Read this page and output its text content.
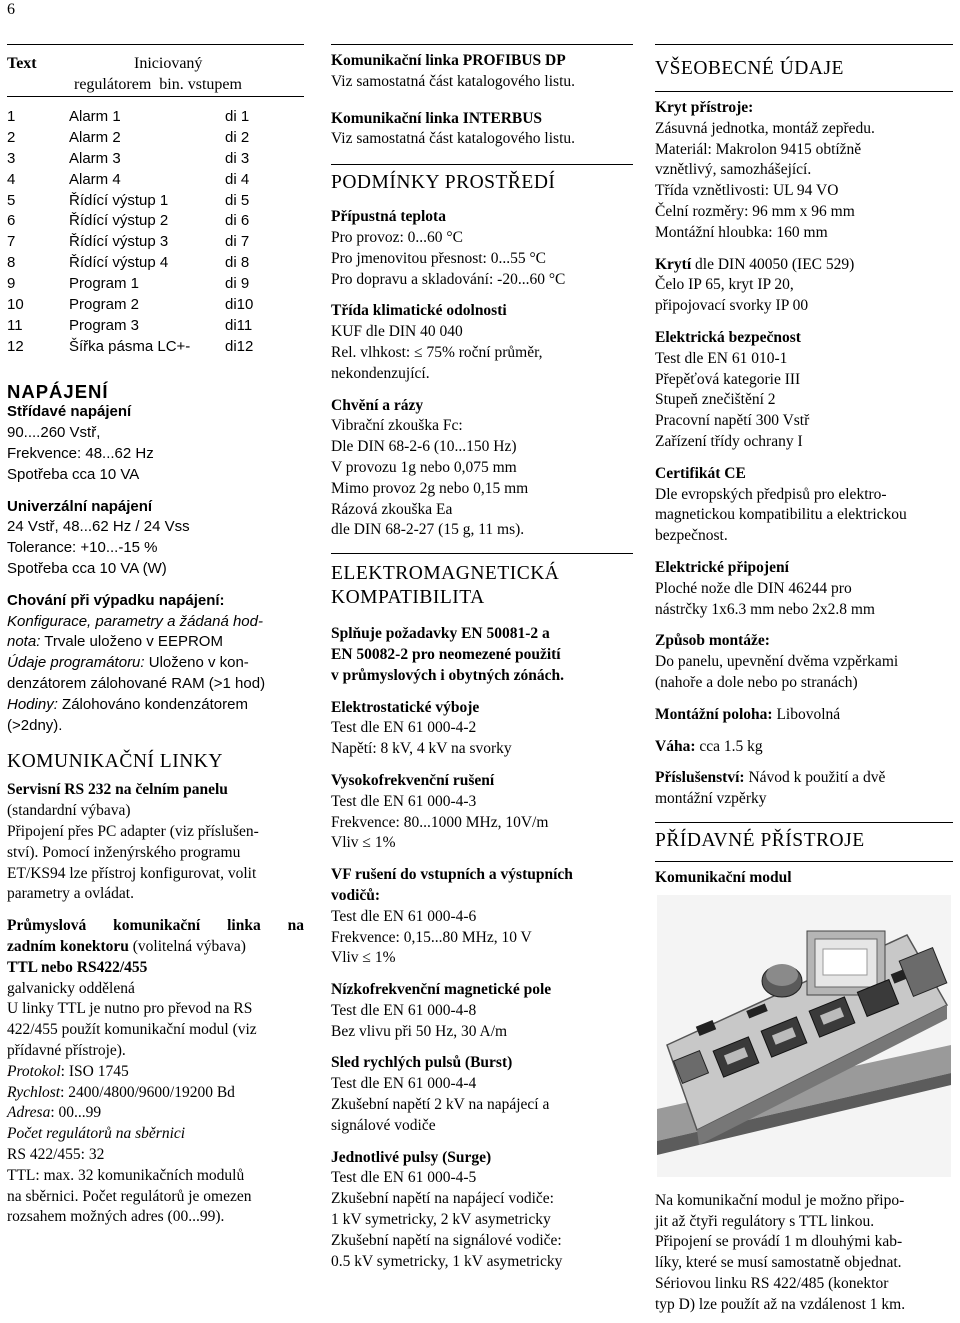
6
Text	Iniciovaný
regulátorem  bin. vstupem
1	Alarm 1	di 1
2	Alarm 2	di 2
3	Alarm 3	di 3
4	Alarm 4	di 4
5	Řídící výstup 1	di 5
6	Řídící výstup 2	di 6
7	Řídící výstup 3	di 7
8	Řídící výstup 4	di 8
9	Program 1	di 9
10	Program 2	di10
11	Program 3	di11
12	Šířka pásma LC+-	di12
NAPÁJENÍ

Střídavé napájení

90....260 Vstř,

Frekvence: 48...62 Hz

Spotřeba cca 10 VA

Univerzální napájení

24 Vstř, 48...62 Hz / 24 Vss

Tolerance: +10...-15 %

Spotřeba cca 10 VA (W)

Chování při výpadku napájení:

Konfigurace, parametry a žádaná hod-

nota: Trvale uloženo v EEPROM

Údaje programátoru: Uloženo v kon-

denzátorem zálohované RAM (>1 hod)

Hodiny: Zálohováno kondenzátorem

(>2dny).

KOMUNIKAČNÍ LINKY

Servisní RS 232 na čelním panelu

(standardní výbava)

Připojení přes PC adapter (viz příslušen-

ství). Pomocí inženýrského programu

ET/KS94 lze přístroj konfigurovat, volit

parametry a ovládat.

Průmyslová komunikační linka na

zadním konektoru (volitelná výbava)

TTL nebo RS422/455

galvanicky oddělená

U linky TTL je nutno pro převod na RS

422/455 použít komunikační modul (viz

přídavné přístroje).

Protokol: ISO 1745

Rychlost: 2400/4800/9600/19200 Bd

Adresa: 00...99

Počet regulátorů na sběrnici

RS 422/455: 32

TTL: max. 32 komunikačních modulů

na sběrnici. Počet regulátorů je omezen

rozsahem možných adres (00...99).

Komunikační linka PROFIBUS DP

Viz samostatná část katalogového listu.

Komunikační linka INTERBUS

Viz samostatná část katalogového listu.

PODMÍNKY PROSTŘEDÍ

Přípustná teplota

Pro provoz: 0...60 °C

Pro jmenovitou přesnost: 0...55 °C

Pro dopravu a skladování: -20...60 °C

Třída klimatické odolnosti

KUF dle DIN 40 040

Rel. vlhkost: ≤ 75% roční průměr,

nekondenzující.

Chvění a rázy

Vibrační zkouška Fc:

Dle DIN 68-2-6 (10...150 Hz)

V provozu 1g nebo 0,075 mm

Mimo provoz 2g nebo 0,15 mm

Rázová zkouška Ea

dle DIN 68-2-27 (15 g, 11 ms).

ELEKTROMAGNETICKÁ
KOMPATIBILITA

Splňuje požadavky EN 50081-2 a

EN 50082-2 pro neomezené použití

v průmyslových i obytných zónách.

Elektrostatické výboje

Test dle EN 61 000-4-2

Napětí: 8 kV, 4 kV na svorky

Vysokofrekvenční rušení

Test dle EN 61 000-4-3

Frekvence: 80...1000 MHz, 10V/m

Vliv ≤ 1%

VF rušení do vstupních a výstupních

vodičů:

Test dle EN 61 000-4-6

Frekvence: 0,15...80 MHz, 10 V

Vliv ≤ 1%

Nízkofrekvenční magnetické pole

Test dle EN 61 000-4-8

Bez vlivu při 50 Hz, 30 A/m

Sled rychlých pulsů (Burst)

Test dle EN 61 000-4-4

Zkušební napětí 2 kV na napájecí a

signálové vodiče

Jednotlivé pulsy (Surge)

Test dle EN 61 000-4-5

Zkušební napětí na napájecí vodiče:

1 kV symetricky, 2 kV asymetricky

Zkušební napětí na signálové vodiče:

0.5 kV symetricky, 1 kV asymetricky

VŠEOBECNÉ ÚDAJE

Kryt přístroje:

Zásuvná jednotka, montáž zepředu.

Materiál: Makrolon 9415 obtížně

vznětlivý, samozhášející.

Třída vznětlivosti: UL 94 VO

Čelní rozměry: 96 mm x 96 mm

Montážní hloubka: 160 mm

Krytí dle DIN 40050 (IEC 529)

Čelo IP 65, kryt IP 20,

připojovací svorky IP 00

Elektrická bezpečnost

Test dle EN 61 010-1

Přepěťová kategorie III

Stupeň znečištění 2

Pracovní napětí 300 Vstř

Zařízení třídy ochrany I

Certifikát CE

Dle evropských předpisů pro elektro-

magnetickou kompatibilitu a elektrickou

bezpečnost.

Elektrické připojení

Ploché nože dle DIN 46244 pro

nástrčky 1x6.3 mm nebo 2x2.8 mm

Způsob montáže:

Do panelu, upevnění dvěma vzpěrkami

(nahoře a dole nebo po stranách)

Montážní poloha: Libovolná

Váha: cca 1.5 kg

Příslušenství: Návod k použití a dvě

montážní vzpěrky

PŘÍDAVNÉ PŘÍSTROJE

Komunikační modul

Na komunikační modul je možno připo-

jit až čtyři regulátory s TTL linkou.

Připojení se provádí 1 m dlouhými kab-

líky, které se musí samostatně objednat.

Sériovou linku RS 422/485 (konektor

typ D) lze použít až na vzdálenost 1 km.
